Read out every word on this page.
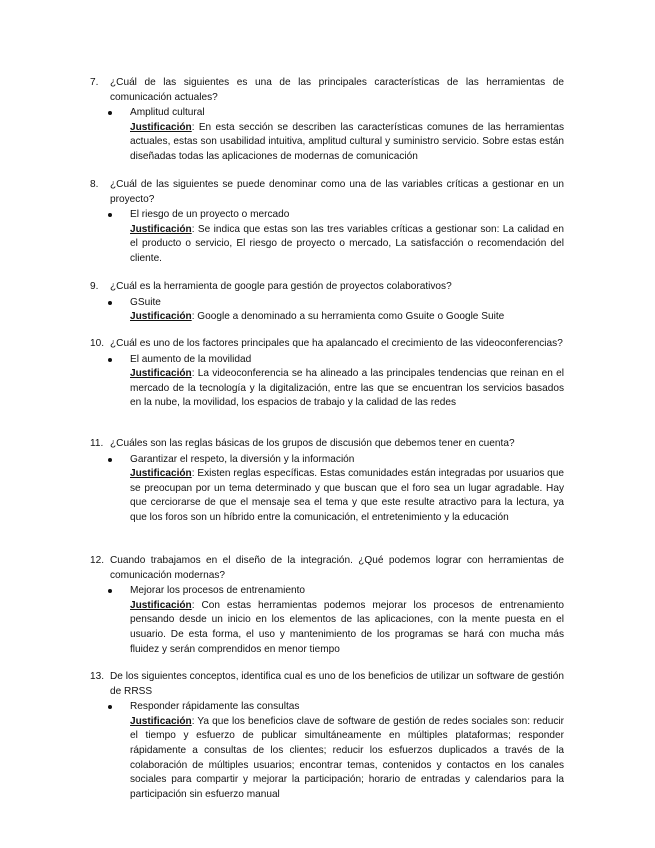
7. ¿Cuál de las siguientes es una de las principales características de las herramientas de comunicación actuales?
Amplitud cultural
Justificación: En esta sección se describen las características comunes de las herramientas actuales, estas son usabilidad intuitiva, amplitud cultural y suministro servicio. Sobre estas están diseñadas todas las aplicaciones de modernas de comunicación
8. ¿Cuál de las siguientes se puede denominar como una de las variables críticas a gestionar en un proyecto?
El riesgo de un proyecto o mercado
Justificación: Se indica que estas son las tres variables críticas a gestionar son: La calidad en el producto o servicio, El riesgo de proyecto o mercado, La satisfacción o recomendación del cliente.
9. ¿Cuál es la herramienta de google para gestión de proyectos colaborativos?
GSuite
Justificación: Google a denominado a su herramienta como Gsuite o Google Suite
10. ¿Cuál es uno de los factores principales que ha apalancado el crecimiento de las videoconferencias?
El aumento de la movilidad
Justificación: La videoconferencia se ha alineado a las principales tendencias que reinan en el mercado de la tecnología y la digitalización, entre las que se encuentran los servicios basados en la nube, la movilidad, los espacios de trabajo y la calidad de las redes
11. ¿Cuáles son las reglas básicas de los grupos de discusión que debemos tener en cuenta?
Garantizar el respeto, la diversión y la información
Justificación: Existen reglas específicas. Estas comunidades están integradas por usuarios que se preocupan por un tema determinado y que buscan que el foro sea un lugar agradable. Hay que cerciorarse de que el mensaje sea el tema y que este resulte atractivo para la lectura, ya que los foros son un híbrido entre la comunicación, el entretenimiento y la educación
12. Cuando trabajamos en el diseño de la integración. ¿Qué podemos lograr con herramientas de comunicación modernas?
Mejorar los procesos de entrenamiento
Justificación: Con estas herramientas podemos mejorar los procesos de entrenamiento pensando desde un inicio en los elementos de las aplicaciones, con la mente puesta en el usuario. De esta forma, el uso y mantenimiento de los programas se hará con mucha más fluidez y serán comprendidos en menor tiempo
13. De los siguientes conceptos, identifica cual es uno de los beneficios de utilizar un software de gestión de RRSS
Responder rápidamente las consultas
Justificación: Ya que los beneficios clave de software de gestión de redes sociales son: reducir el tiempo y esfuerzo de publicar simultáneamente en múltiples plataformas; responder rápidamente a consultas de los clientes; reducir los esfuerzos duplicados a través de la colaboración de múltiples usuarios; encontrar temas, contenidos y contactos en los canales sociales para compartir y mejorar la participación; horario de entradas y calendarios para la participación sin esfuerzo manual
